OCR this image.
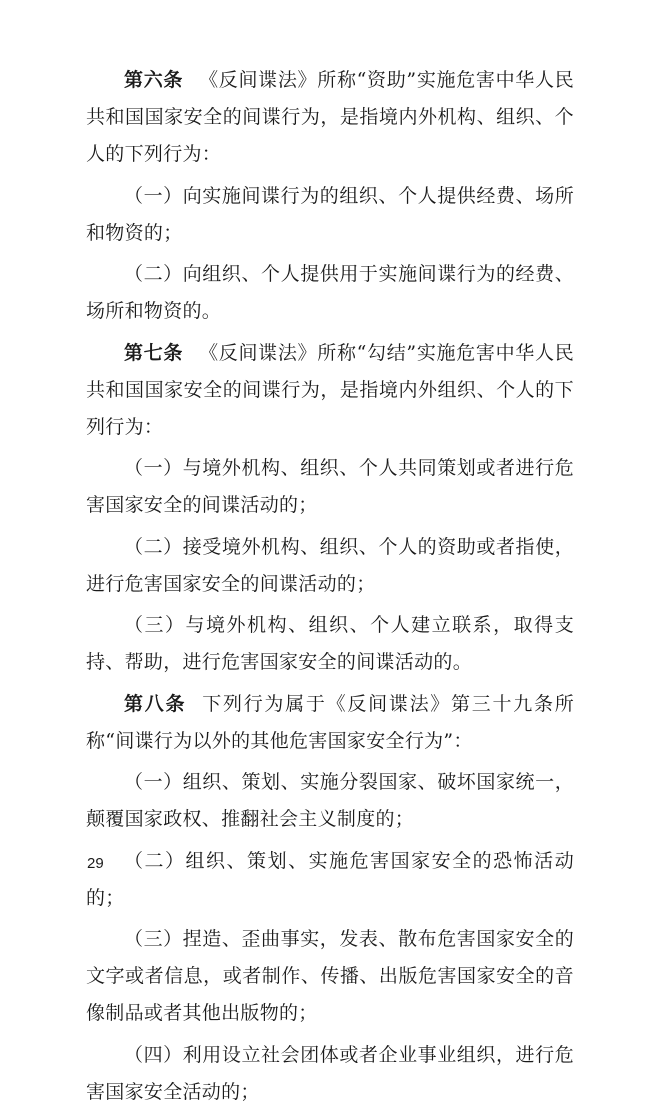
第六条 《反间谍法》所称“资助”实施危害中华人民共和国国家安全的间谍行为，是指境内外机构、组织、个人的下列行为：

（一）向实施间谍行为的组织、个人提供经费、场所和物资的；

（二）向组织、个人提供用于实施间谍行为的经费、场所和物资的。

第七条 《反间谍法》所称“勾结”实施危害中华人民共和国国家安全的间谍行为，是指境内外组织、个人的下列行为：

（一）与境外机构、组织、个人共同策划或者进行危害国家安全的间谍活动的；

（二）接受境外机构、组织、个人的资助或者指使，进行危害国家安全的间谍活动的；

（三）与境外机构、组织、个人建立联系，取得支持、帮助，进行危害国家安全的间谍活动的。

第八条 下列行为属于《反间谍法》第三十九条所称“间谍行为以外的其他危害国家安全行为”：

（一）组织、策划、实施分裂国家、破坏国家统一，颠覆国家政权、推翻社会主义制度的；

（二）组织、策划、实施危害国家安全的恐怖活动的；

（三）捏造、歪曲事实，发表、散布危害国家安全的文字或者信息，或者制作、传播、出版危害国家安全的音像制品或者其他出版物的；

（四）利用设立社会团体或者企业事业组织，进行危害国家安全活动的；

29
